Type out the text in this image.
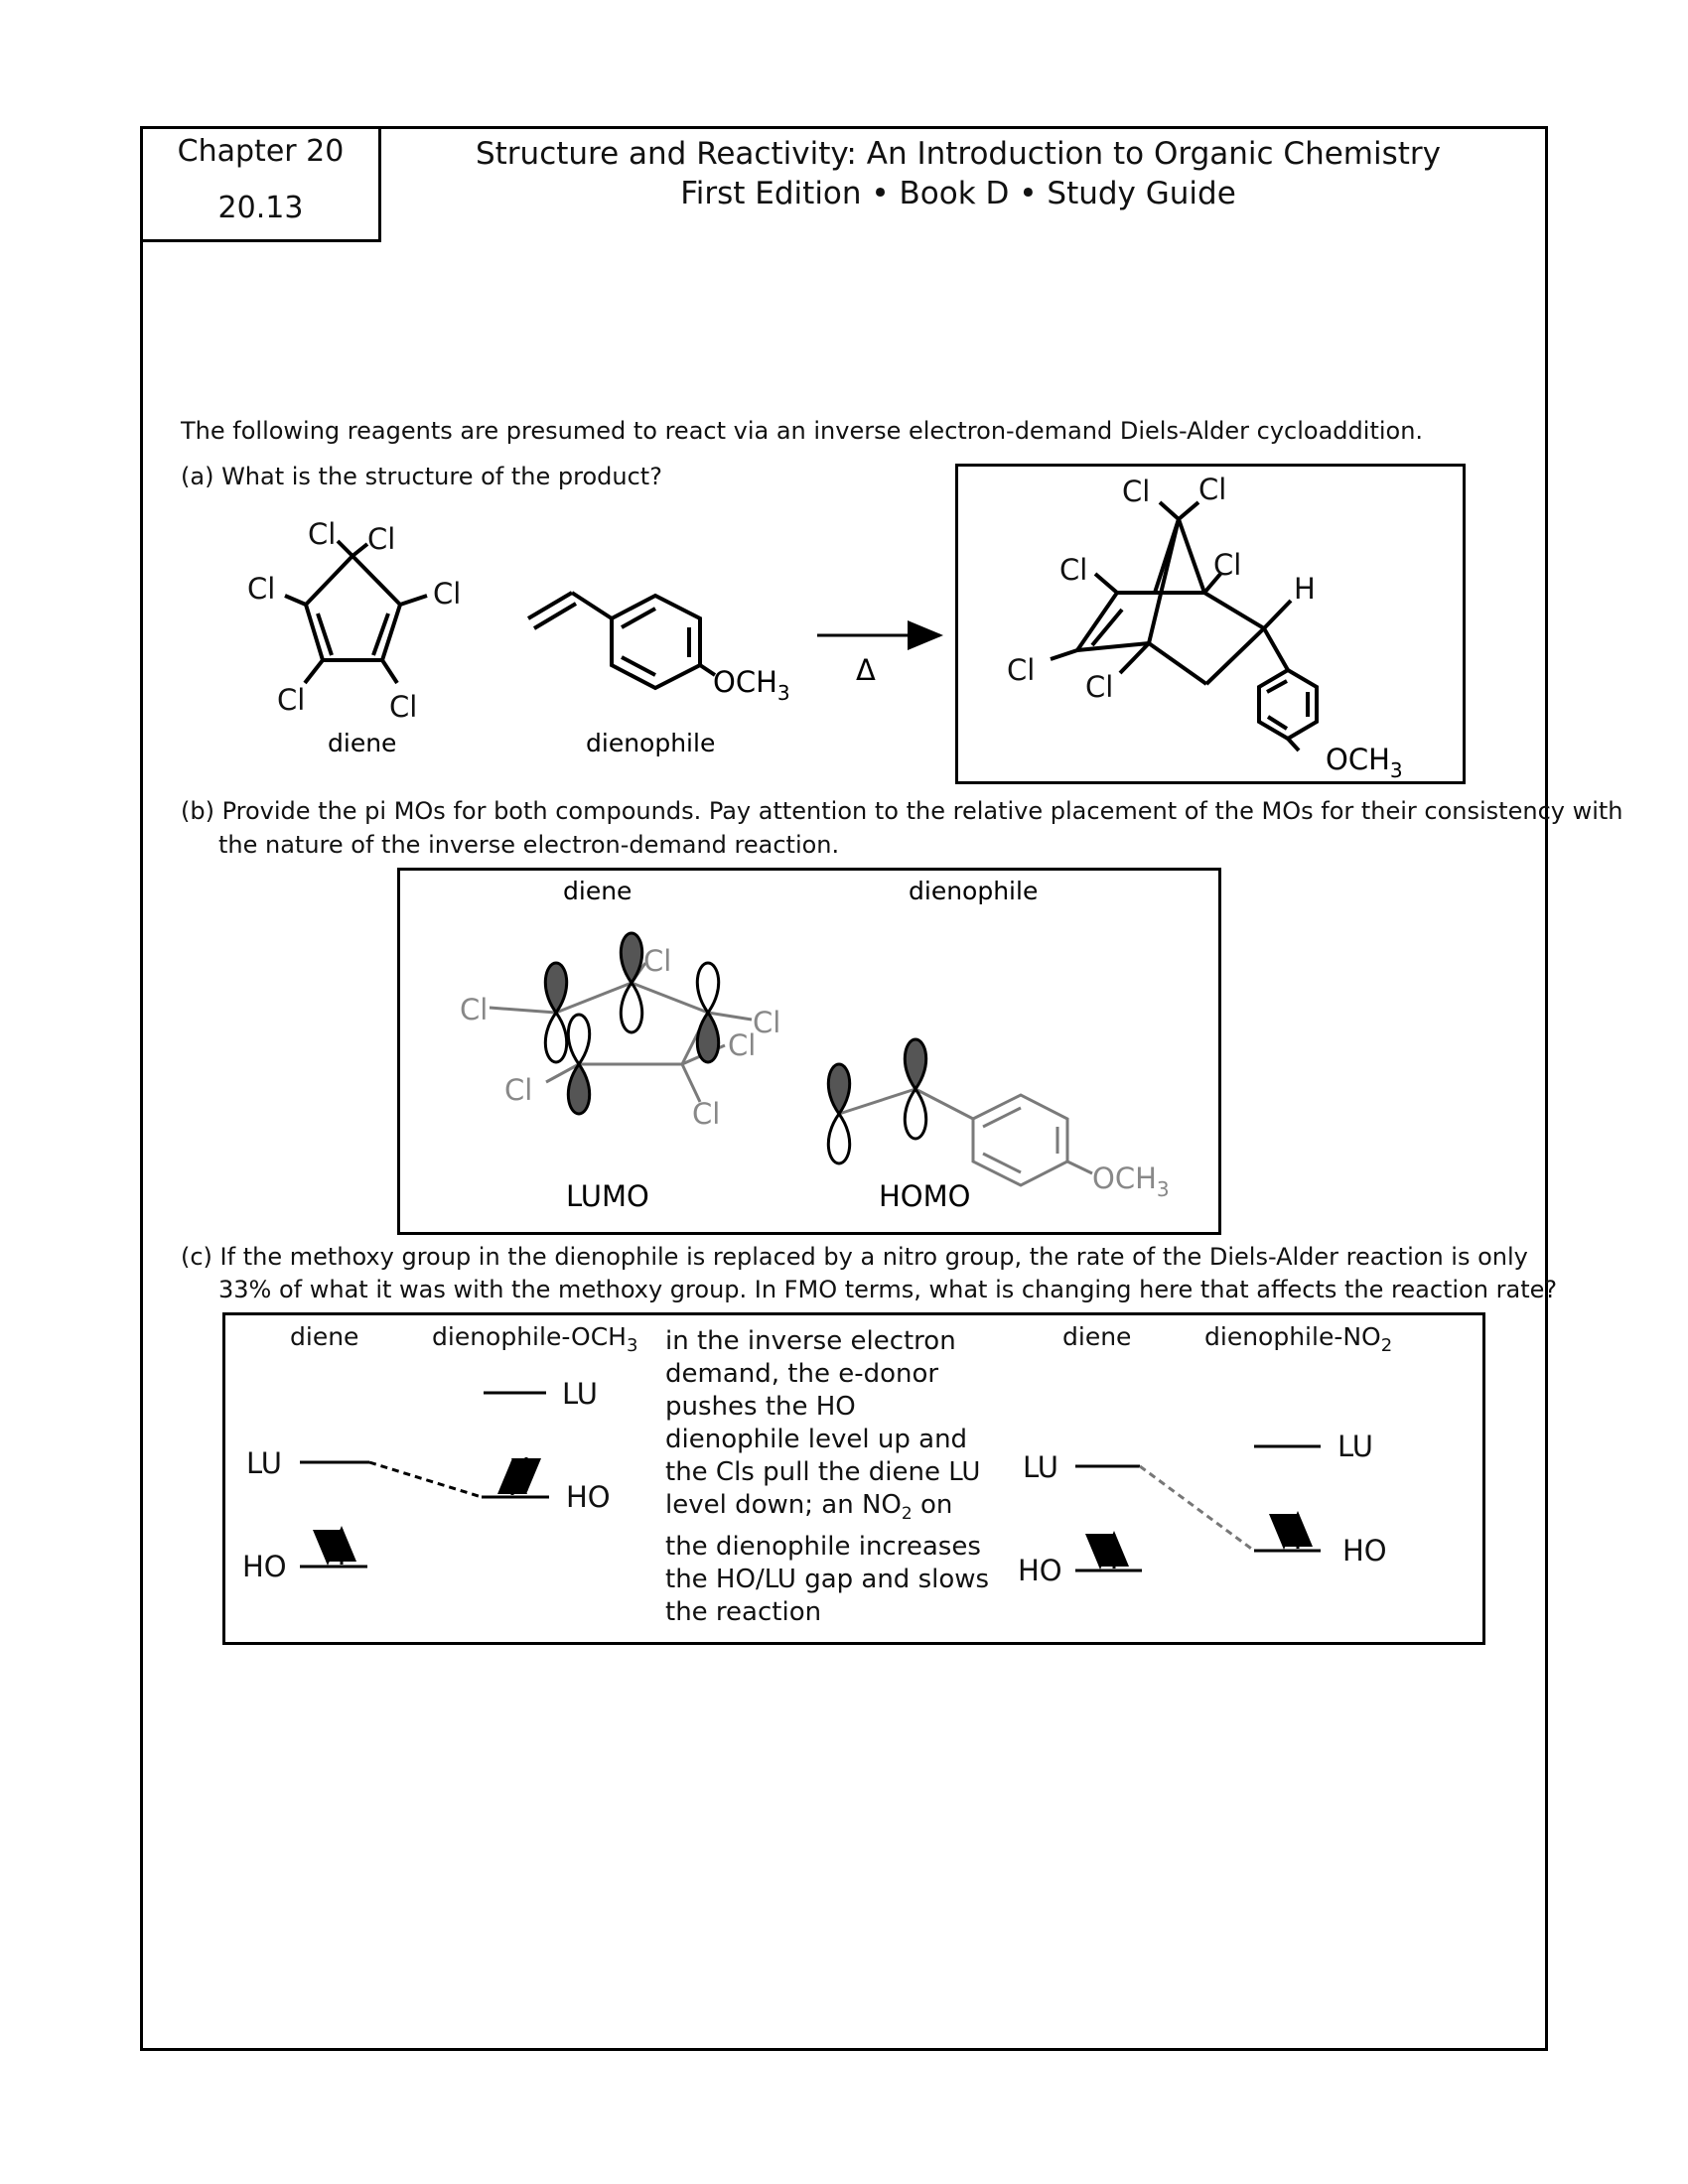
Chapter 20
20.13
Structure and Reactivity: An Introduction to Organic Chemistry
First Edition • Book D • Study Guide
The following reagents are presumed to react via an inverse electron-demand Diels-Alder cycloaddition.
(a) What is the structure of the product?
(b) Provide the pi MOs for both compounds. Pay attention to the relative placement of the MOs for their consistency with
the nature of the inverse electron-demand reaction.
(c) If the methoxy group in the dienophile is replaced by a nitro group, the rate of the Diels-Alder reaction is only
33% of what it was with the methoxy group. In FMO terms, what is changing here that affects the reaction rate?
in the inverse electron demand, the e-donor pushes the HO dienophile level up and the Cls pull the diene LU level down; an $NO_2$ on the dienophile increases the HO/LU gap and slows the reaction
Cl Cl
Cl	Cl
Cl	Cl
diene
$OCH_3$
dienophile
Δ
Cl Cl
Cl	Cl
Cl Cl
H
$OCH_3$
diene	dienophile
Cl
Cl
Cl
Cl
Cl
Cl
LUMO
$OCH_3$
HOMO
diene	dienophile-$OCH_3$
LU
LU
HO
HO
diene	dienophile-$NO_2$
LU
LU
HO
HO
